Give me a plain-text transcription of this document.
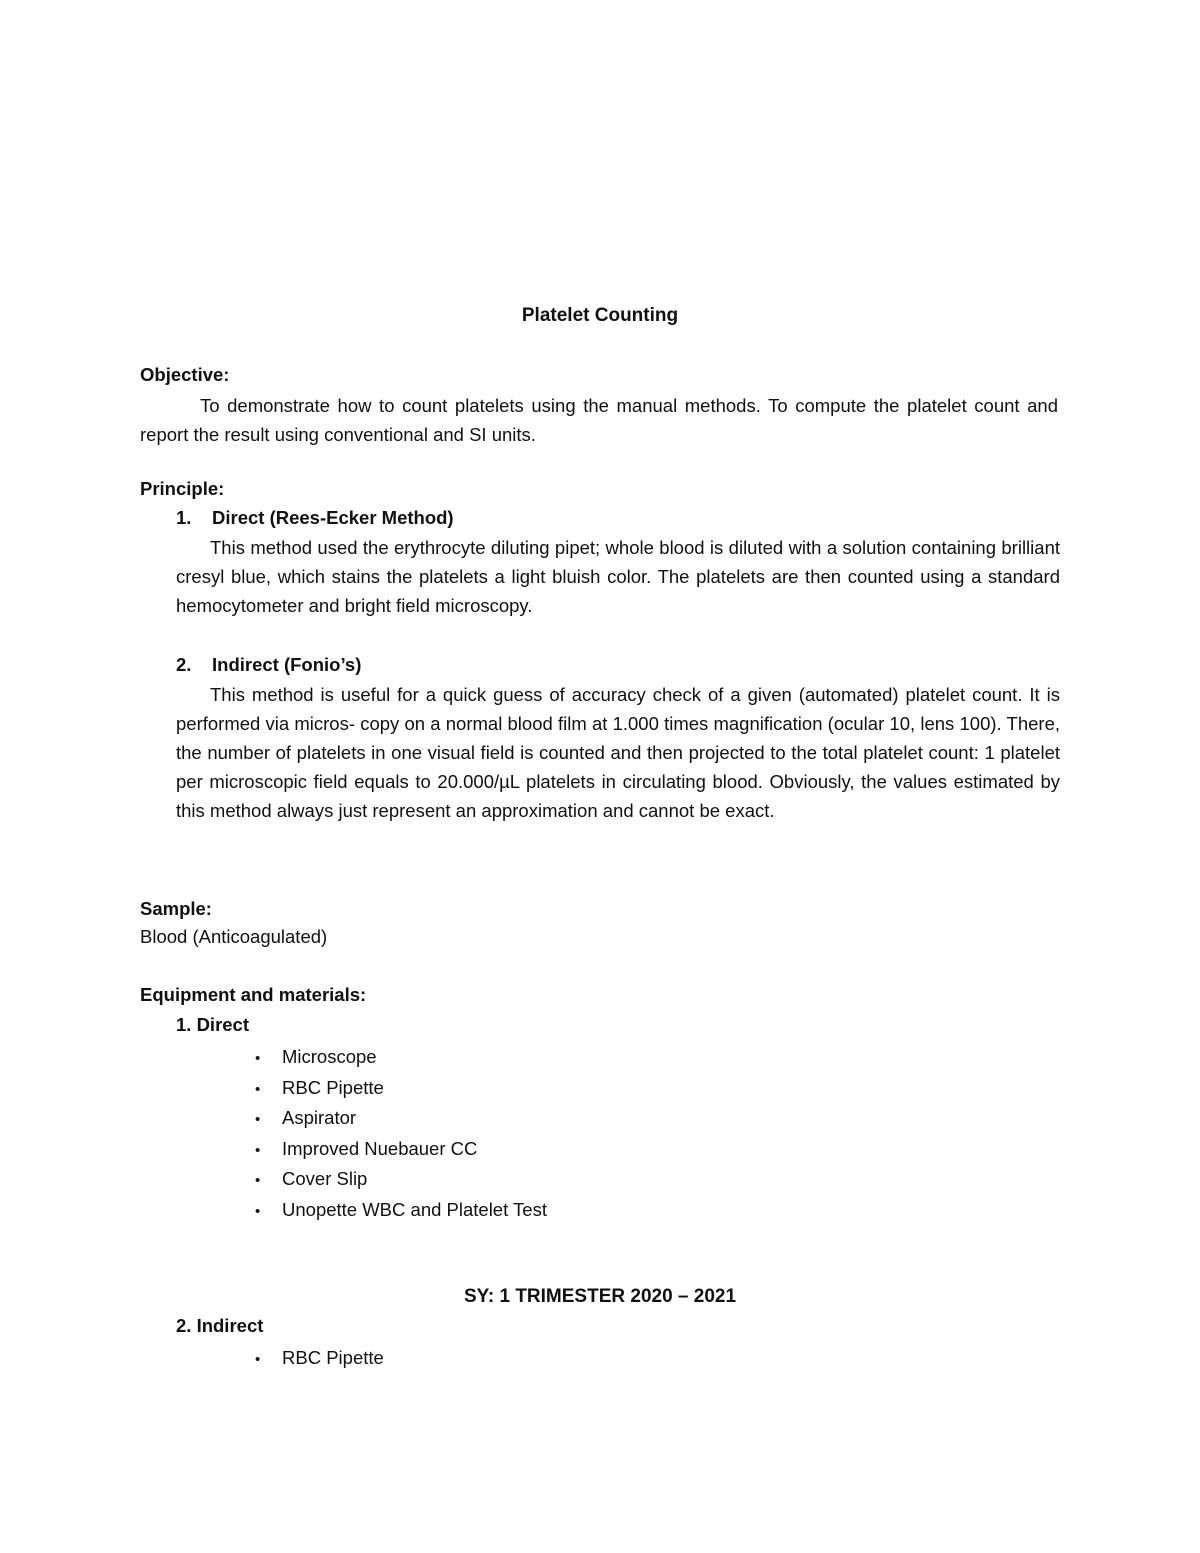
Platelet Counting
Objective:
To demonstrate how to count platelets using the manual methods. To compute the platelet count and report the result using conventional and SI units.
Principle:
1. Direct (Rees-Ecker Method)
This method used the erythrocyte diluting pipet; whole blood is diluted with a solution containing brilliant cresyl blue, which stains the platelets a light bluish color. The platelets are then counted using a standard hemocytometer and bright field microscopy.
2. Indirect (Fonio’s)
This method is useful for a quick guess of accuracy check of a given (automated) platelet count. It is performed via micros- copy on a normal blood film at 1.000 times magnification (ocular 10, lens 100). There, the number of platelets in one visual field is counted and then projected to the total platelet count: 1 platelet per microscopic field equals to 20.000/µL platelets in circulating blood. Obviously, the values estimated by this method always just represent an approximation and cannot be exact.
Sample:
Blood (Anticoagulated)
Equipment and materials:
1. Direct
• Microscope
• RBC Pipette
• Aspirator
• Improved Nuebauer CC
• Cover Slip
• Unopette WBC and Platelet Test
SY: 1 TRIMESTER 2020 – 2021
2. Indirect
• RBC Pipette
